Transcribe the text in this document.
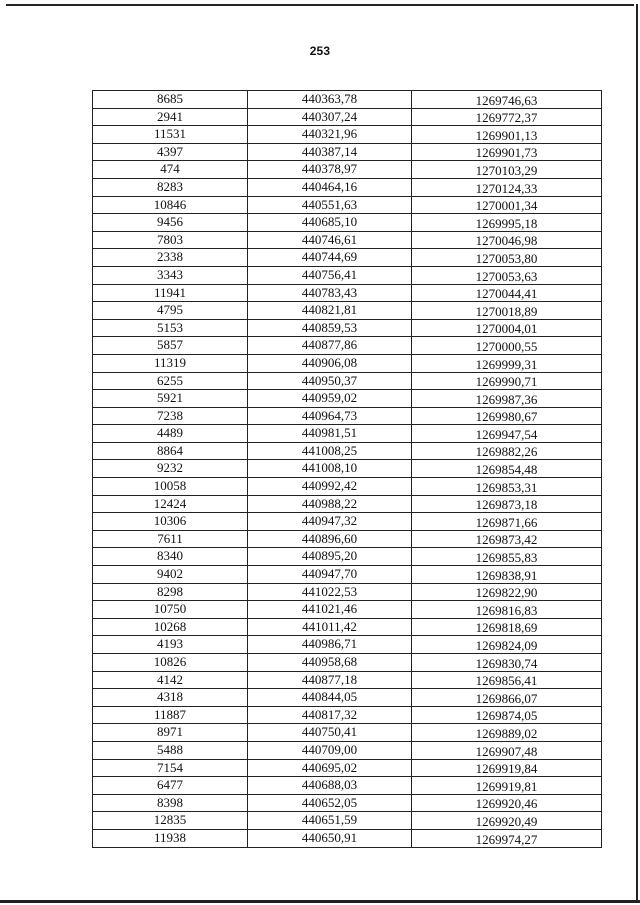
253
8685	440363,78	1269746,63
2941	440307,24	1269772,37
11531	440321,96	1269901,13
4397	440387,14	1269901,73
474	440378,97	1270103,29
8283	440464,16	1270124,33
10846	440551,63	1270001,34
9456	440685,10	1269995,18
7803	440746,61	1270046,98
2338	440744,69	1270053,80
3343	440756,41	1270053,63
11941	440783,43	1270044,41
4795	440821,81	1270018,89
5153	440859,53	1270004,01
5857	440877,86	1270000,55
11319	440906,08	1269999,31
6255	440950,37	1269990,71
5921	440959,02	1269987,36
7238	440964,73	1269980,67
4489	440981,51	1269947,54
8864	441008,25	1269882,26
9232	441008,10	1269854,48
10058	440992,42	1269853,31
12424	440988,22	1269873,18
10306	440947,32	1269871,66
7611	440896,60	1269873,42
8340	440895,20	1269855,83
9402	440947,70	1269838,91
8298	441022,53	1269822,90
10750	441021,46	1269816,83
10268	441011,42	1269818,69
4193	440986,71	1269824,09
10826	440958,68	1269830,74
4142	440877,18	1269856,41
4318	440844,05	1269866,07
11887	440817,32	1269874,05
8971	440750,41	1269889,02
5488	440709,00	1269907,48
7154	440695,02	1269919,84
6477	440688,03	1269919,81
8398	440652,05	1269920,46
12835	440651,59	1269920,49
11938	440650,91	1269974,27
